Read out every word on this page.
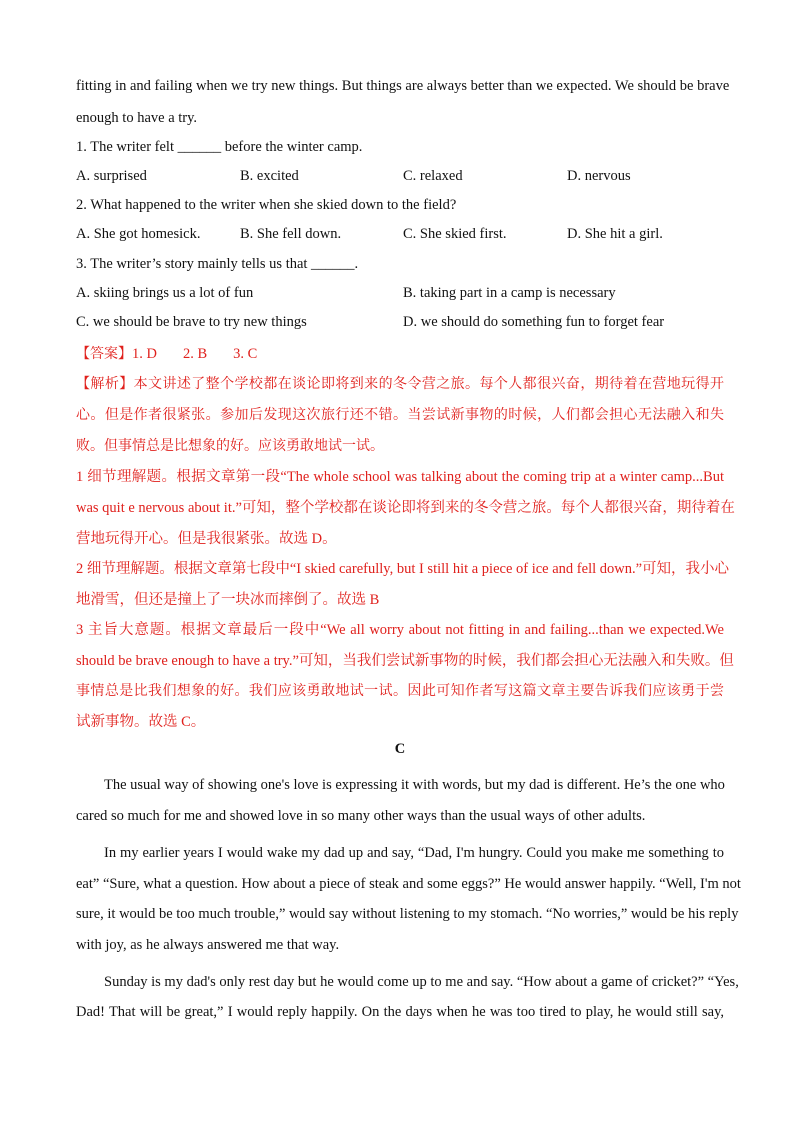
fitting in and failing when we try new things. But things are always better than we expected. We should be brave
enough to have a try.
1. The writer felt ______ before the winter camp.
A. surprised	B. excited	C. relaxed	D. nervous
2. What happened to the writer when she skied down to the field?
A. She got homesick.	B. She fell down.	C. She skied first.	D. She hit a girl.
3. The writer’s story mainly tells us that ______.
A. skiing brings us a lot of fun	B. taking part in a camp is necessary
C. we should be brave to try new things	D. we should do something fun to forget fear
【答案】1. D 2. B 3. C
【解析】本文讲述了整个学校都在谈论即将到来的冬令营之旅。每个人都很兴奋，期待着在营地玩得开
心。但是作者很紧张。参加后发现这次旅行还不错。当尝试新事物的时候，人们都会担心无法融入和失
败。但事情总是比想象的好。应该勇敢地试一试。
1 细节理解题。根据文章第一段“The whole school was talking about the coming trip at a winter camp...But
was quit e nervous about it.”可知，整个学校都在谈论即将到来的冬令营之旅。每个人都很兴奋，期待着在
营地玩得开心。但是我很紧张。故选 D。
2 细节理解题。根据文章第七段中“I skied carefully, but I still hit a piece of ice and fell down.”可知，我小心
地滑雪，但还是撞上了一块冰而摔倒了。故选 B
3 主旨大意题。根据文章最后一段中“We all worry about not fitting in and failing...than we expected.We
should be brave enough to have a try.”可知，当我们尝试新事物的时候，我们都会担心无法融入和失败。但
事情总是比我们想象的好。我们应该勇敢地试一试。因此可知作者写这篇文章主要告诉我们应该勇于尝
试新事物。故选 C。
C
The usual way of showing one's love is expressing it with words, but my dad is different. He’s the one who
cared so much for me and showed love in so many other ways than the usual ways of other adults.
In my earlier years I would wake my dad up and say, “Dad, I'm hungry. Could you make me something to
eat” “Sure, what a question. How about a piece of steak and some eggs?” He would answer happily. “Well, I'm not
sure, it would be too much trouble,” would say without listening to my stomach. “No worries,” would be his reply
with joy, as he always answered me that way.
Sunday is my dad's only rest day but he would come up to me and say. “How about a game of cricket?” “Yes,
Dad! That will be great,” I would reply happily. On the days when he was too tired to play, he would still say,
